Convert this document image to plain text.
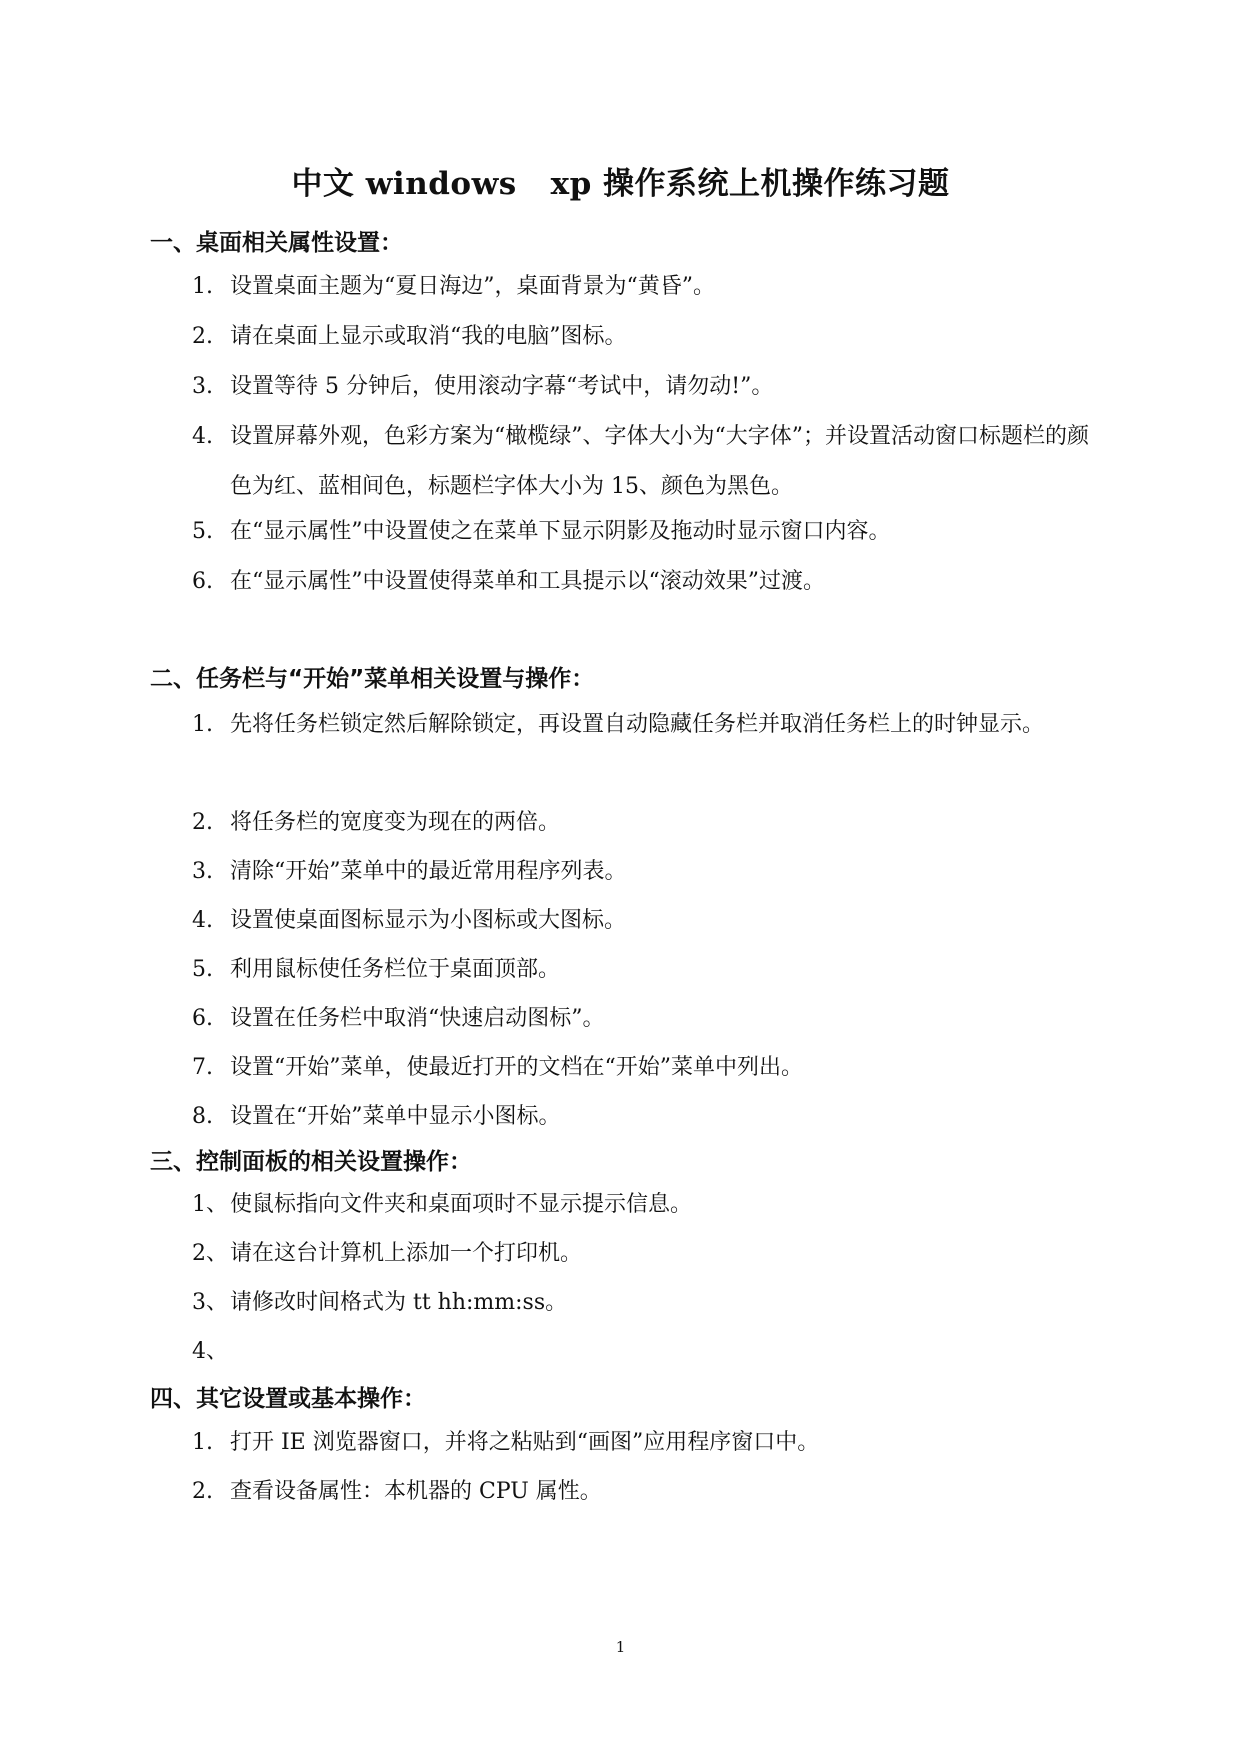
中文 windows   xp 操作系统上机操作练习题
一、桌面相关属性设置：
1. 设置桌面主题为“夏日海边”，桌面背景为“黄昏”。
2. 请在桌面上显示或取消“我的电脑”图标。
3. 设置等待 5 分钟后，使用滚动字幕“考试中，请勿动!”。
4. 设置屏幕外观，色彩方案为“橄榄绿”、字体大小为“大字体”；并设置活动窗口标题栏的颜色为红、蓝相间色，标题栏字体大小为 15、颜色为黑色。
5. 在“显示属性”中设置使之在菜单下显示阴影及拖动时显示窗口内容。
6. 在“显示属性”中设置使得菜单和工具提示以“滚动效果”过渡。
二、任务栏与“开始”菜单相关设置与操作：
1. 先将任务栏锁定然后解除锁定，再设置自动隐藏任务栏并取消任务栏上的时钟显示。
2. 将任务栏的宽度变为现在的两倍。
3. 清除“开始”菜单中的最近常用程序列表。
4. 设置使桌面图标显示为小图标或大图标。
5. 利用鼠标使任务栏位于桌面顶部。
6. 设置在任务栏中取消“快速启动图标”。
7. 设置“开始”菜单，使最近打开的文档在“开始”菜单中列出。
8. 设置在“开始”菜单中显示小图标。
三、控制面板的相关设置操作：
1、 使鼠标指向文件夹和桌面项时不显示提示信息。
2、 请在这台计算机上添加一个打印机。
3、 请修改时间格式为 tt hh:mm:ss。
4、
四、其它设置或基本操作：
1. 打开 IE 浏览器窗口，并将之粘贴到“画图”应用程序窗口中。
2. 查看设备属性：本机器的 CPU 属性。
1
